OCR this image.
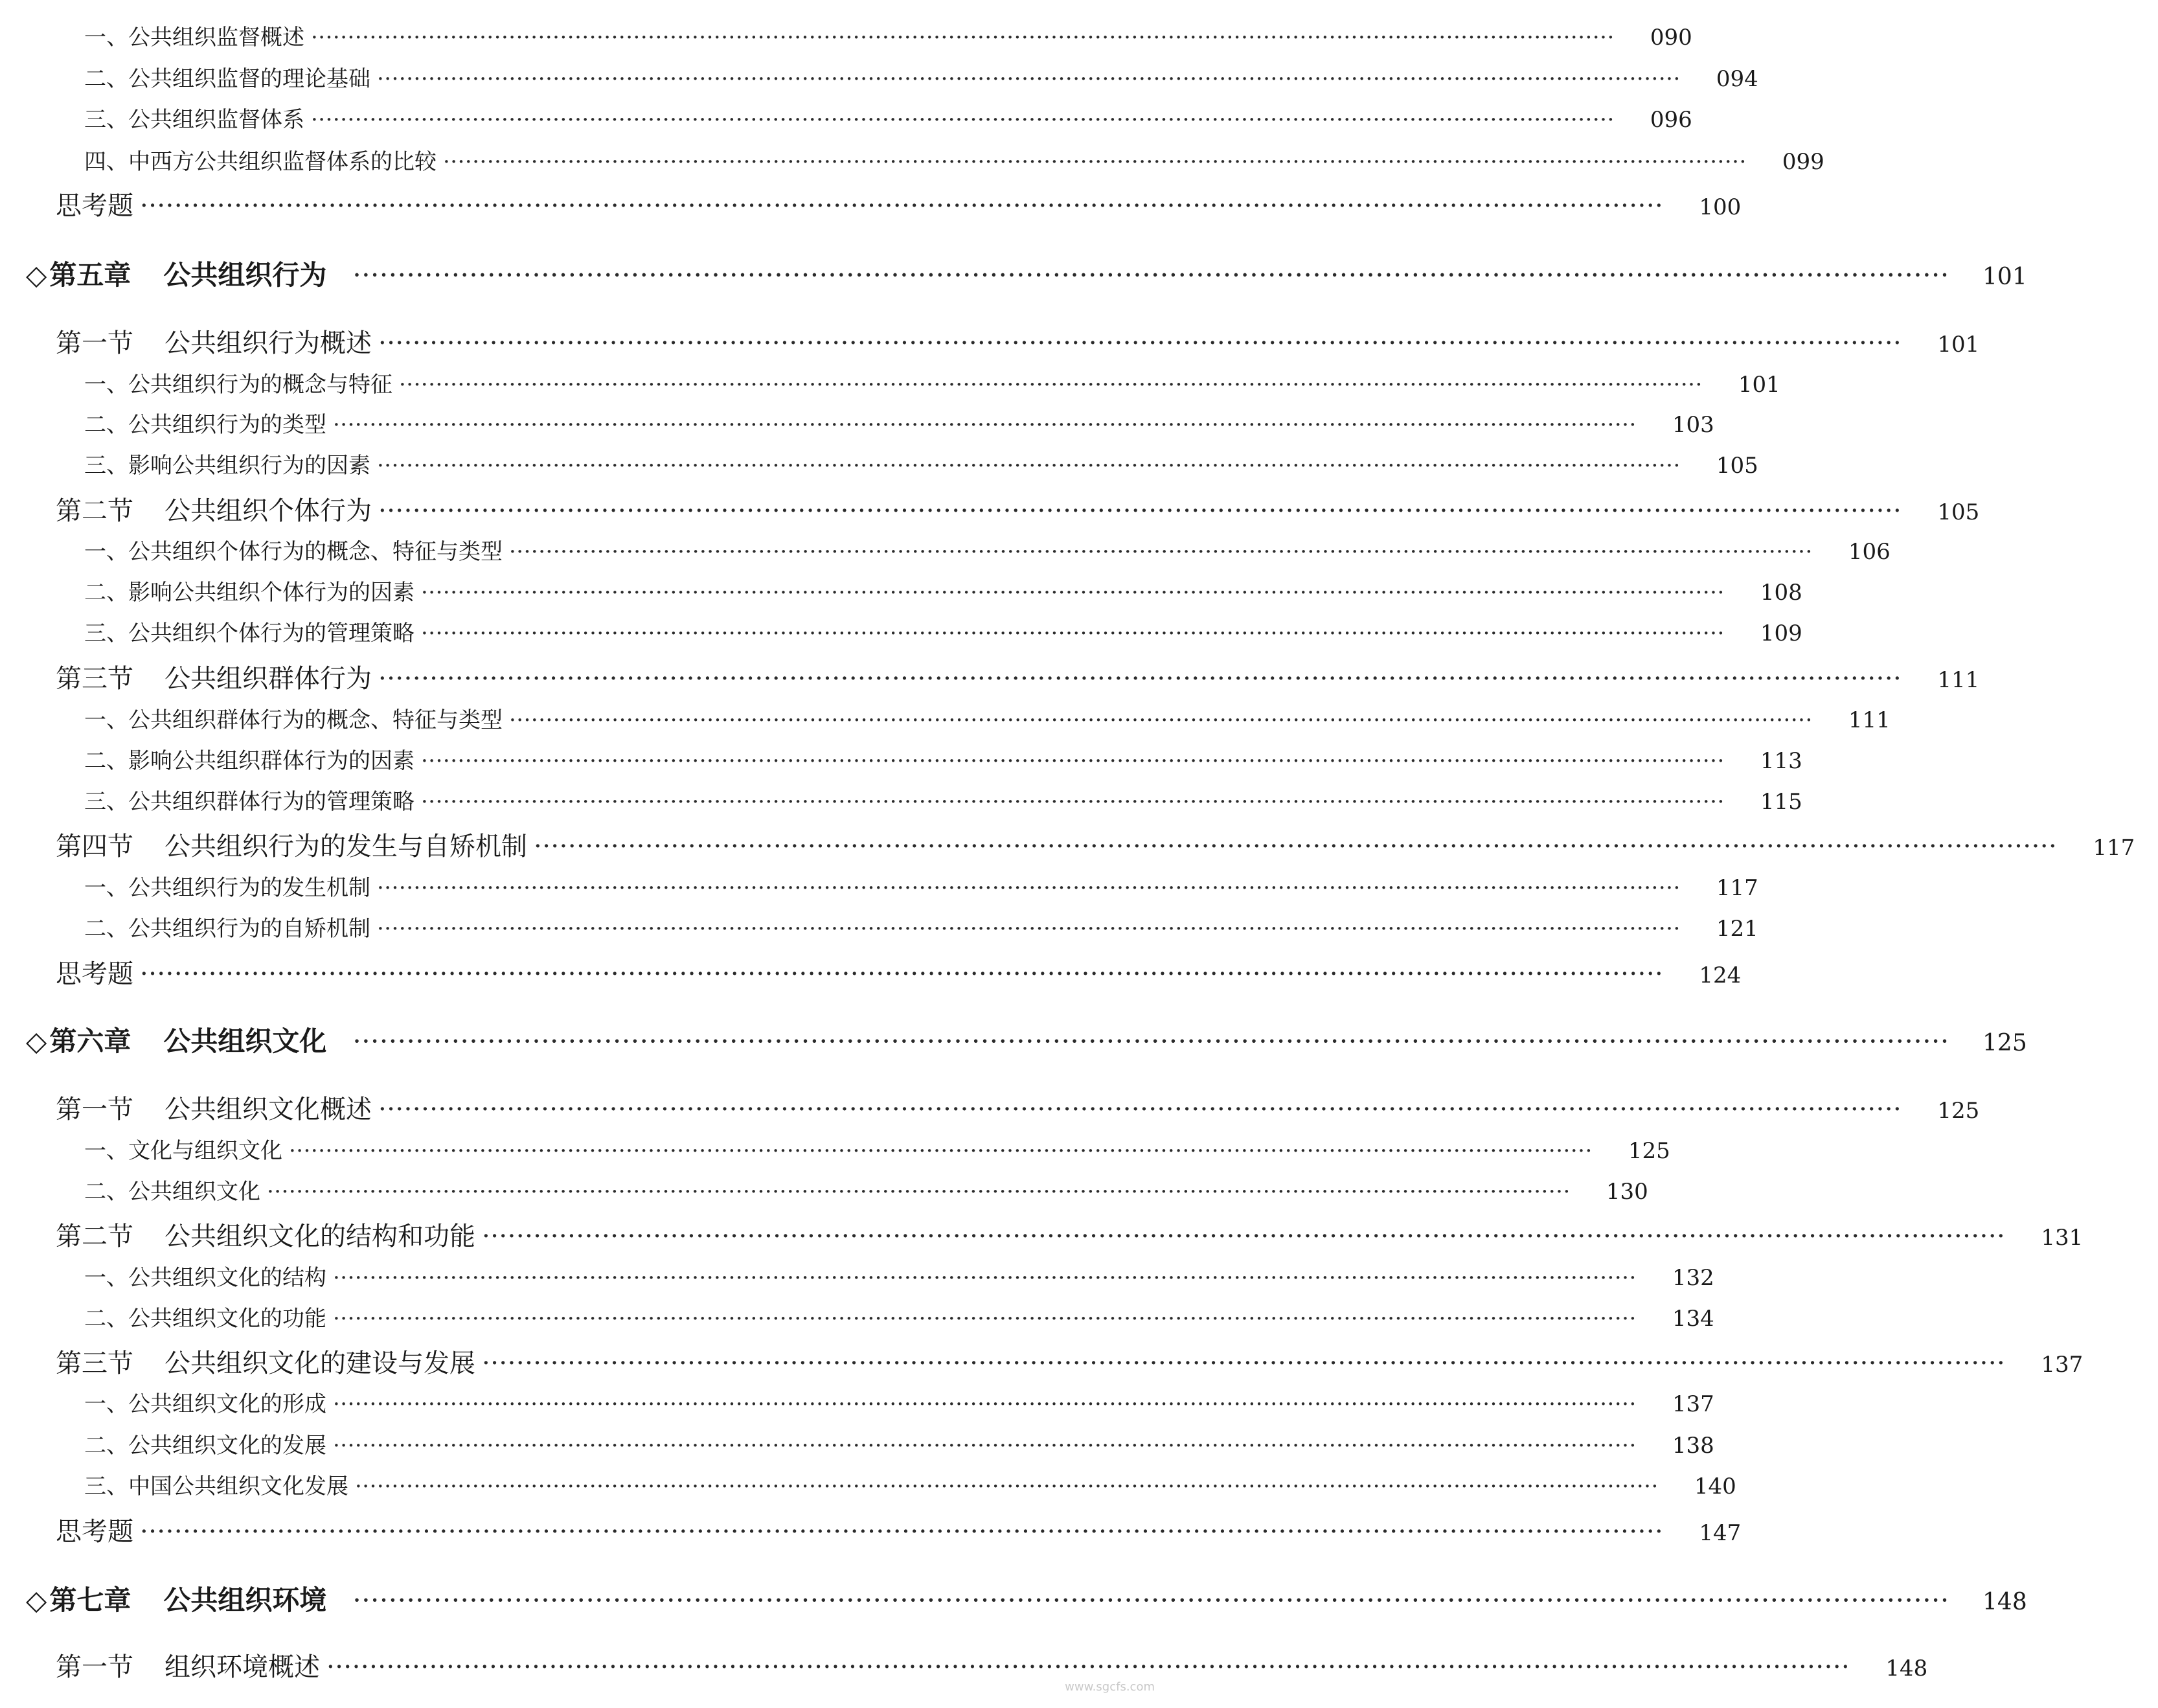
一、公共组织监督概述 ··················································································································································································	090
二、公共组织监督的理论基础 ··················································································································································································	094
三、公共组织监督体系 ··················································································································································································	096
四、中西方公共组织监督体系的比较 ··················································································································································································	099
思考题 ··················································································································································································	100
◇第五章 公共组织行为 ··················································································································································································	101
第一节 公共组织行为概述 ··················································································································································································	101
一、公共组织行为的概念与特征 ··················································································································································································	101
二、公共组织行为的类型 ··················································································································································································	103
三、影响公共组织行为的因素 ··················································································································································································	105
第二节 公共组织个体行为 ··················································································································································································	105
一、公共组织个体行为的概念、特征与类型 ··················································································································································································	106
二、影响公共组织个体行为的因素 ··················································································································································································	108
三、公共组织个体行为的管理策略 ··················································································································································································	109
第三节 公共组织群体行为 ··················································································································································································	111
一、公共组织群体行为的概念、特征与类型 ··················································································································································································	111
二、影响公共组织群体行为的因素 ··················································································································································································	113
三、公共组织群体行为的管理策略 ··················································································································································································	115
第四节 公共组织行为的发生与自矫机制 ··················································································································································································	117
一、公共组织行为的发生机制 ··················································································································································································	117
二、公共组织行为的自矫机制 ··················································································································································································	121
思考题 ··················································································································································································	124
◇第六章 公共组织文化 ··················································································································································································	125
第一节 公共组织文化概述 ··················································································································································································	125
一、文化与组织文化 ··················································································································································································	125
二、公共组织文化 ··················································································································································································	130
第二节 公共组织文化的结构和功能 ··················································································································································································	131
一、公共组织文化的结构 ··················································································································································································	132
二、公共组织文化的功能 ··················································································································································································	134
第三节 公共组织文化的建设与发展 ··················································································································································································	137
一、公共组织文化的形成 ··················································································································································································	137
二、公共组织文化的发展 ··················································································································································································	138
三、中国公共组织文化发展 ··················································································································································································	140
思考题 ··················································································································································································	147
◇第七章 公共组织环境 ··················································································································································································	148
第一节 组织环境概述 ··················································································································································································	148
www.sgcfs.com
